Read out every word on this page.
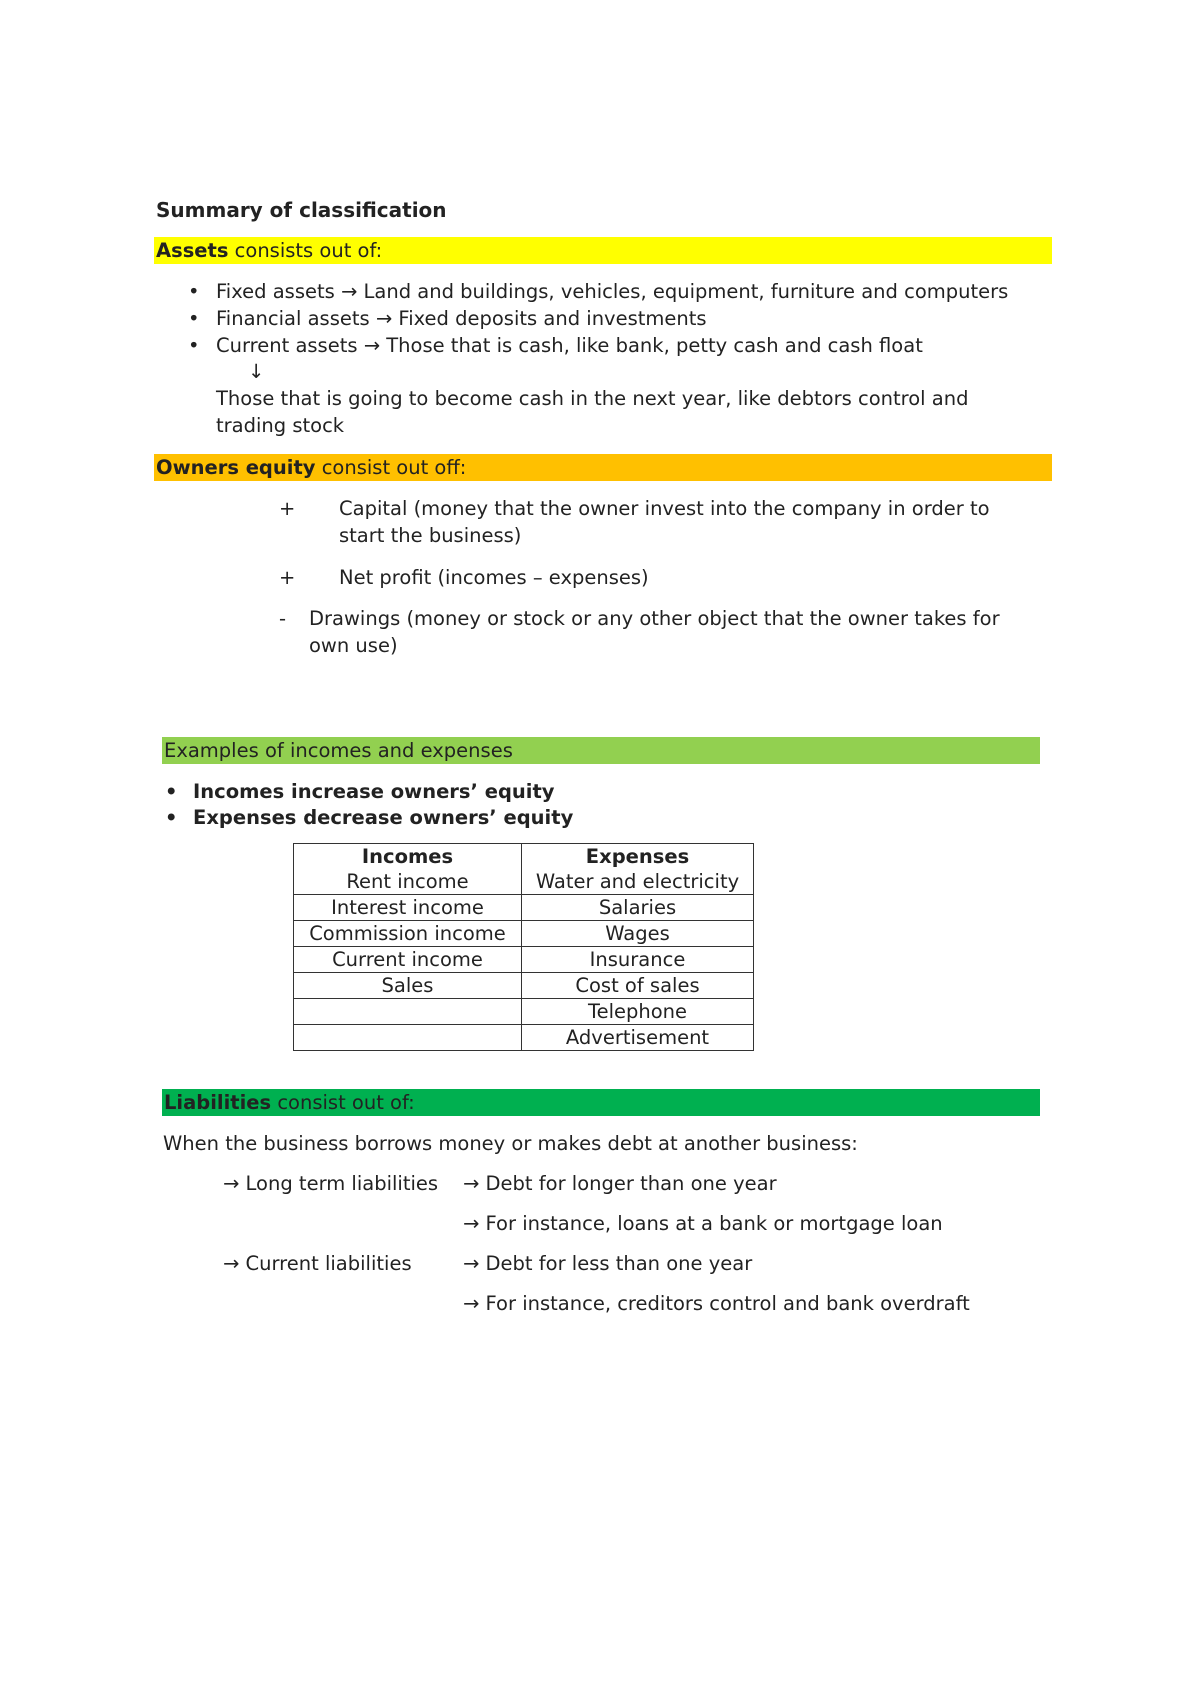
Summary of classification
Assets consists out of:
• Fixed assets → Land and buildings, vehicles, equipment, furniture and computers
• Financial assets → Fixed deposits and investments
• Current assets → Those that is cash, like bank, petty cash and cash float
↓
Those that is going to become cash in the next year, like debtors control and
trading stock
Owners equity consist out off:
+ Capital (money that the owner invest into the company in order to
start the business)
+ Net profit (incomes – expenses)
- Drawings (money or stock or any other object that the owner takes for
own use)
Examples of incomes and expenses
• Incomes increase owners’ equity
• Expenses decrease owners’ equity
Incomes	Expenses
Rent income	Water and electricity
Interest income	Salaries
Commission income	Wages
Current income	Insurance
Sales	Cost of sales
	Telephone
	Advertisement
Liabilities consist out of:
When the business borrows money or makes debt at another business:
→ Long term liabilities → Debt for longer than one year
→ For instance, loans at a bank or mortgage loan
→ Current liabilities	→ Debt for less than one year
→ For instance, creditors control and bank overdraft
